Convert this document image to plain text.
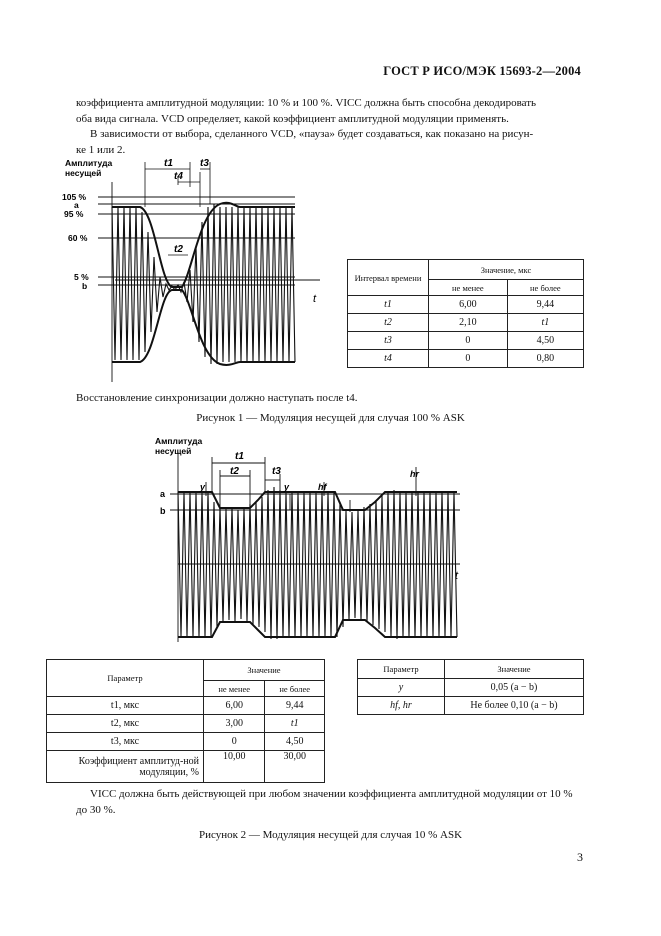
ГОСТ Р ИСО/МЭК 15693-2—2004
коэффициента амплитудной модуляции: 10 % и 100 %. VICC должна быть способна декодировать
оба вида сигнала. VCD определяет, какой коэффициент амплитудной модуляции применять.
В зависимости от выбора, сделанного VCD, «пауза» будет создаваться, как показано на рисун-
ке 1 или 2.
Амплитуда
несущей
105 %
a
95 %
60 %
5 %
b
t
t1
t4
t3
t2
Интервал времени	Значение, мкс	
	не менее	не более
t1	6,00	9,44
t2	2,10	t1
t3	0	4,50
t4	0	0,80
Восстановление синхронизации должно наступать после t4.
Рисунок 1 — Модуляция несущей для случая 100 % ASK
Амплитуда
несущей
a
b
t
t1
t2	t3
y	y	hf
hr
Параметр	Значение	
	не менее	не более
t1, мкс	6,00	9,44
t2, мкс	3,00	t1
t3, мкс	0	4,50
Коэффициент амплитуд-ной модуляции, %	10,00	30,00
Параметр	Значение
y	0,05 (a − b)
hf, hr	Не более 0,10 (a − b)
VICC должна быть действующей при любом значении коэффициента амплитудной модуляции от 10 %
до 30 %.
Рисунок 2 — Модуляция несущей для случая 10 % ASK
3
